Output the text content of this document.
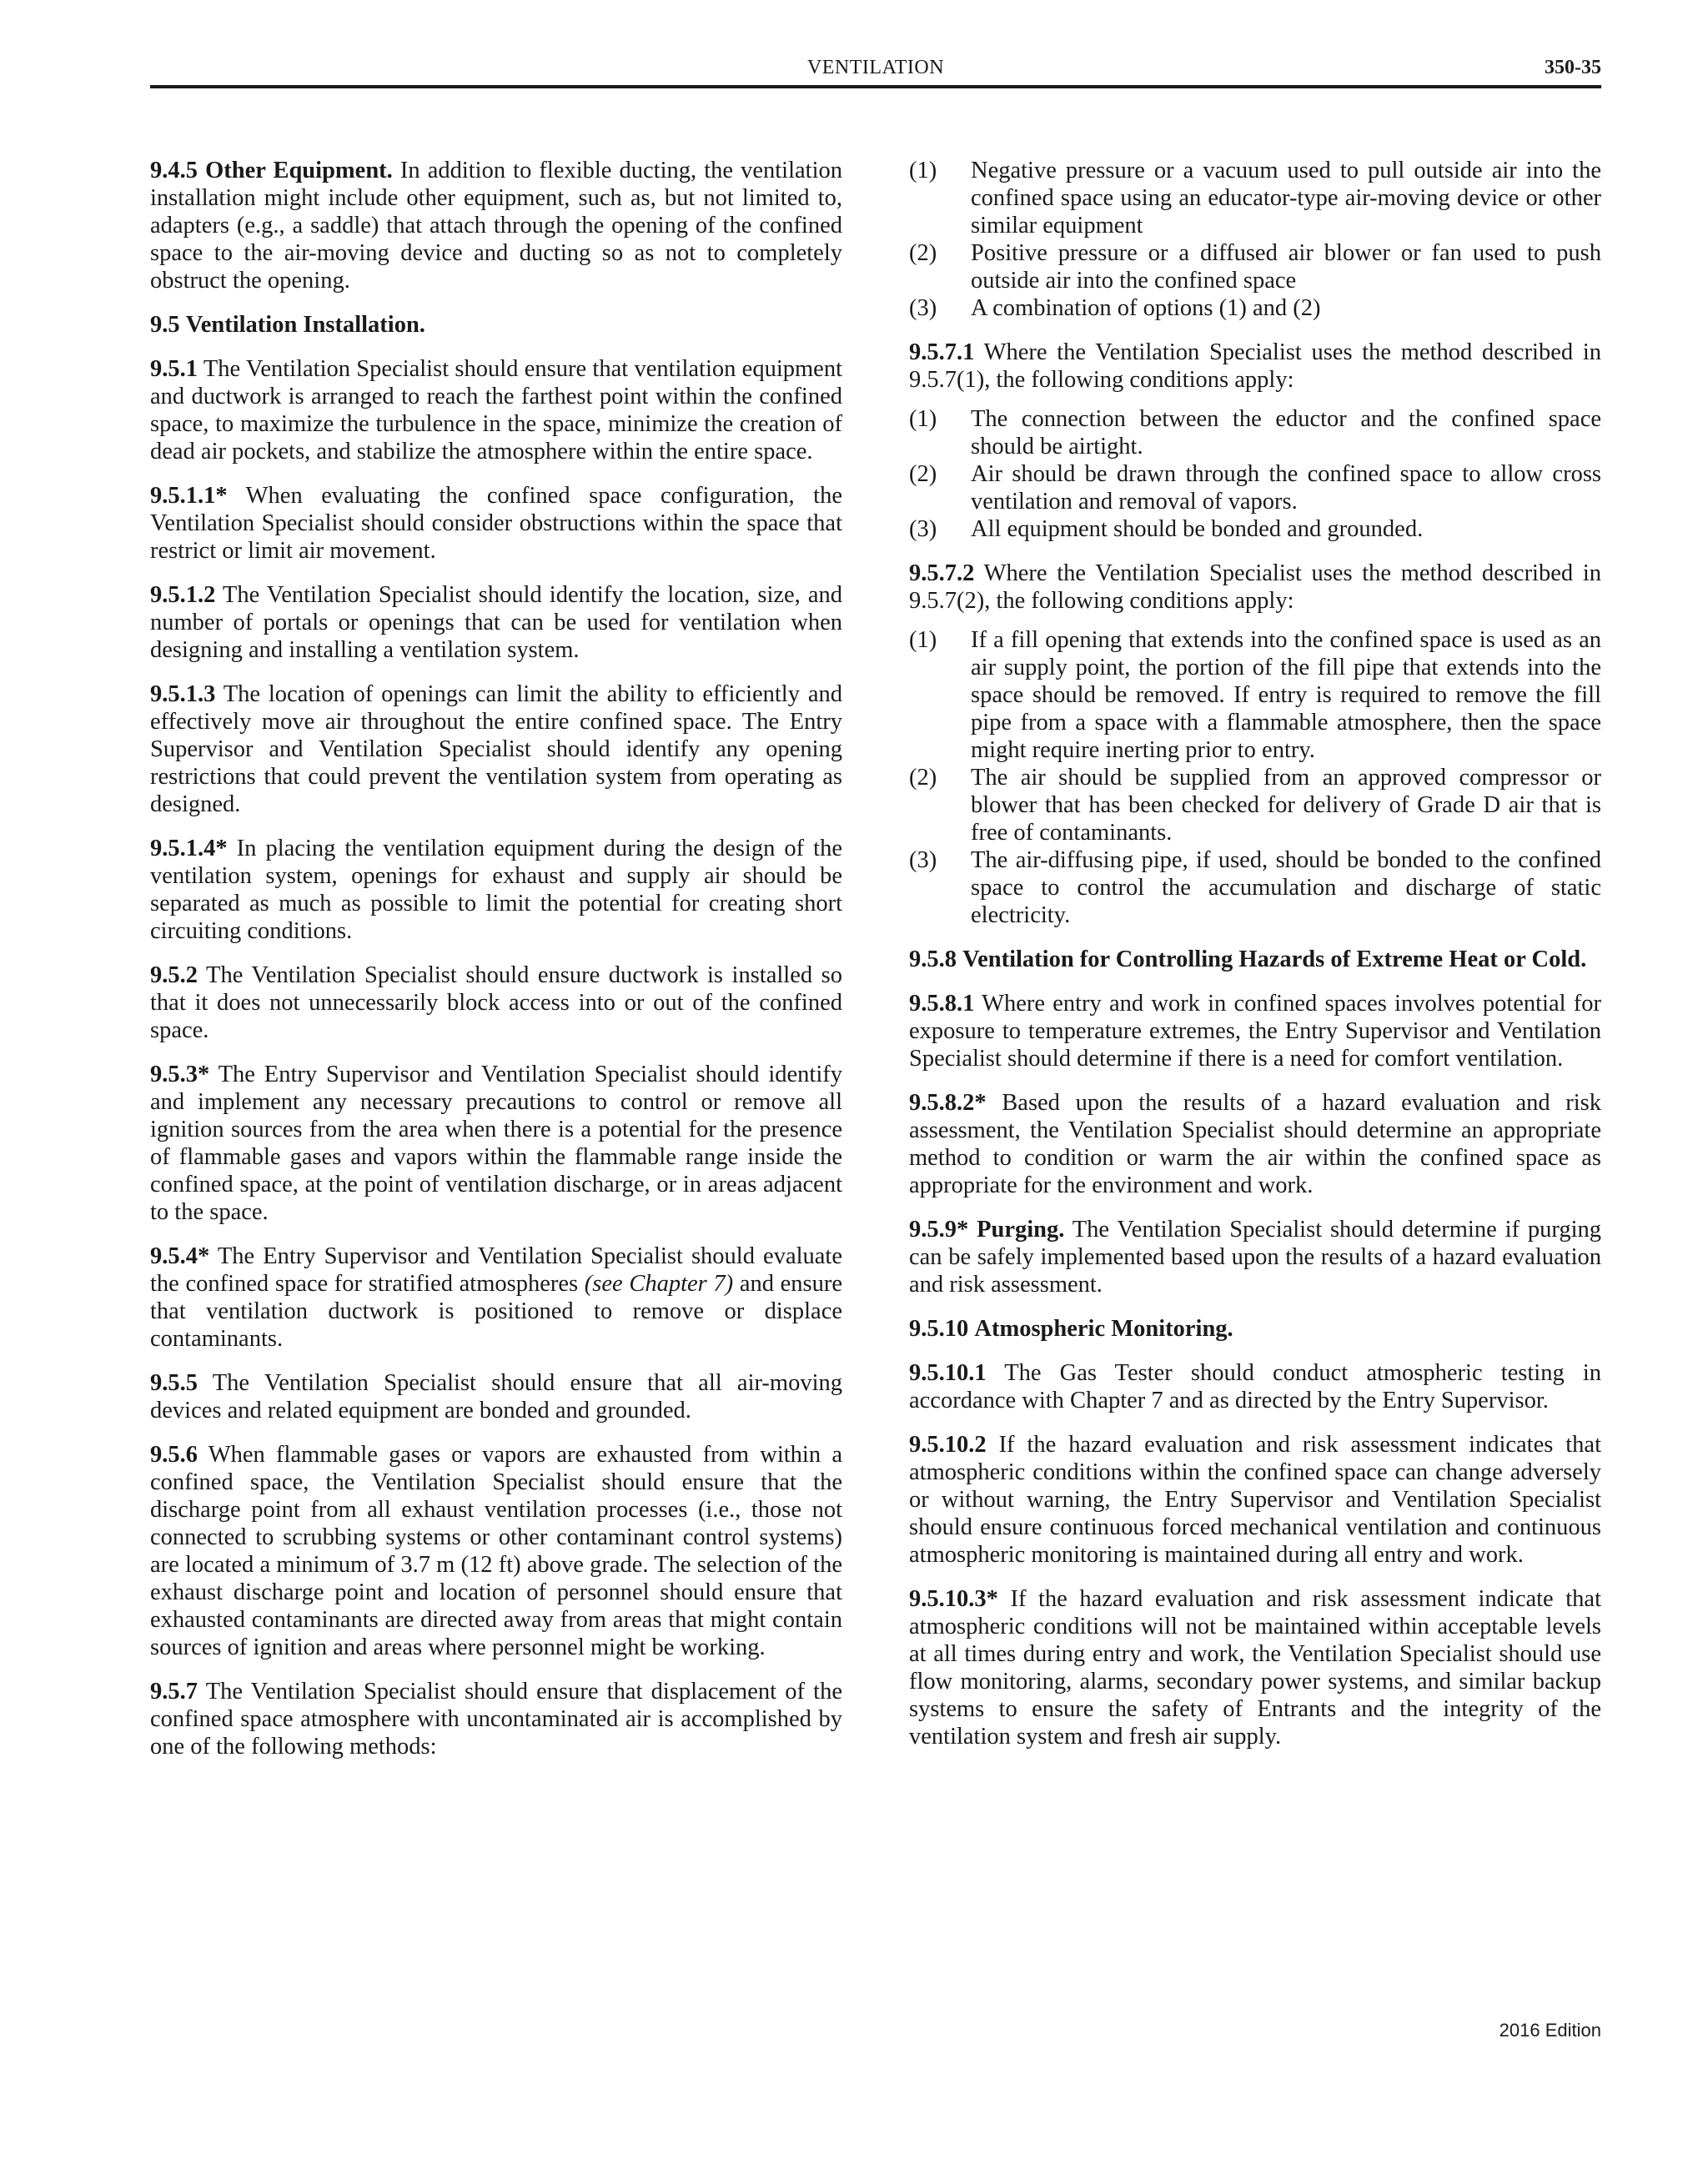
VENTILATION	350-35

9.4.5 Other Equipment. In addition to flexible ducting, the ventilation installation might include other equipment, such as, but not limited to, adapters (e.g., a saddle) that attach through the opening of the confined space to the air-moving device and ducting so as not to completely obstruct the opening.

9.5 Ventilation Installation.

9.5.1 The Ventilation Specialist should ensure that ventilation equipment and ductwork is arranged to reach the farthest point within the confined space, to maximize the turbulence in the space, minimize the creation of dead air pockets, and stabilize the atmosphere within the entire space.

9.5.1.1* When evaluating the confined space configuration, the Ventilation Specialist should consider obstructions within the space that restrict or limit air movement.

9.5.1.2 The Ventilation Specialist should identify the location, size, and number of portals or openings that can be used for ventilation when designing and installing a ventilation system.

9.5.1.3 The location of openings can limit the ability to efficiently and effectively move air throughout the entire confined space. The Entry Supervisor and Ventilation Specialist should identify any opening restrictions that could prevent the ventilation system from operating as designed.

9.5.1.4* In placing the ventilation equipment during the design of the ventilation system, openings for exhaust and supply air should be separated as much as possible to limit the potential for creating short circuiting conditions.

9.5.2 The Ventilation Specialist should ensure ductwork is installed so that it does not unnecessarily block access into or out of the confined space.

9.5.3* The Entry Supervisor and Ventilation Specialist should identify and implement any necessary precautions to control or remove all ignition sources from the area when there is a potential for the presence of flammable gases and vapors within the flammable range inside the confined space, at the point of ventilation discharge, or in areas adjacent to the space.

9.5.4* The Entry Supervisor and Ventilation Specialist should evaluate the confined space for stratified atmospheres (see Chapter 7) and ensure that ventilation ductwork is positioned to remove or displace contaminants.

9.5.5 The Ventilation Specialist should ensure that all air-moving devices and related equipment are bonded and grounded.

9.5.6 When flammable gases or vapors are exhausted from within a confined space, the Ventilation Specialist should ensure that the discharge point from all exhaust ventilation processes (i.e., those not connected to scrubbing systems or other contaminant control systems) are located a minimum of 3.7 m (12 ft) above grade. The selection of the exhaust discharge point and location of personnel should ensure that exhausted contaminants are directed away from areas that might contain sources of ignition and areas where personnel might be working.

9.5.7 The Ventilation Specialist should ensure that displacement of the confined space atmosphere with uncontaminated air is accomplished by one of the following methods:

(1)	Negative pressure or a vacuum used to pull outside air into the confined space using an educator-type air-moving device or other similar equipment
(2)	Positive pressure or a diffused air blower or fan used to push outside air into the confined space
(3)	A combination of options (1) and (2)

9.5.7.1 Where the Ventilation Specialist uses the method described in 9.5.7(1), the following conditions apply:

(1)	The connection between the eductor and the confined space should be airtight.
(2)	Air should be drawn through the confined space to allow cross ventilation and removal of vapors.
(3)	All equipment should be bonded and grounded.

9.5.7.2 Where the Ventilation Specialist uses the method described in 9.5.7(2), the following conditions apply:

(1)	If a fill opening that extends into the confined space is used as an air supply point, the portion of the fill pipe that extends into the space should be removed. If entry is required to remove the fill pipe from a space with a flammable atmosphere, then the space might require inerting prior to entry.
(2)	The air should be supplied from an approved compressor or blower that has been checked for delivery of Grade D air that is free of contaminants.
(3)	The air-diffusing pipe, if used, should be bonded to the confined space to control the accumulation and discharge of static electricity.

9.5.8 Ventilation for Controlling Hazards of Extreme Heat or Cold.

9.5.8.1 Where entry and work in confined spaces involves potential for exposure to temperature extremes, the Entry Supervisor and Ventilation Specialist should determine if there is a need for comfort ventilation.

9.5.8.2* Based upon the results of a hazard evaluation and risk assessment, the Ventilation Specialist should determine an appropriate method to condition or warm the air within the confined space as appropriate for the environment and work.

9.5.9* Purging. The Ventilation Specialist should determine if purging can be safely implemented based upon the results of a hazard evaluation and risk assessment.

9.5.10 Atmospheric Monitoring.

9.5.10.1 The Gas Tester should conduct atmospheric testing in accordance with Chapter 7 and as directed by the Entry Supervisor.

9.5.10.2 If the hazard evaluation and risk assessment indicates that atmospheric conditions within the confined space can change adversely or without warning, the Entry Supervisor and Ventilation Specialist should ensure continuous forced mechanical ventilation and continuous atmospheric monitoring is maintained during all entry and work.

9.5.10.3* If the hazard evaluation and risk assessment indicate that atmospheric conditions will not be maintained within acceptable levels at all times during entry and work, the Ventilation Specialist should use flow monitoring, alarms, secondary power systems, and similar backup systems to ensure the safety of Entrants and the integrity of the ventilation system and fresh air supply.

2016 Edition
